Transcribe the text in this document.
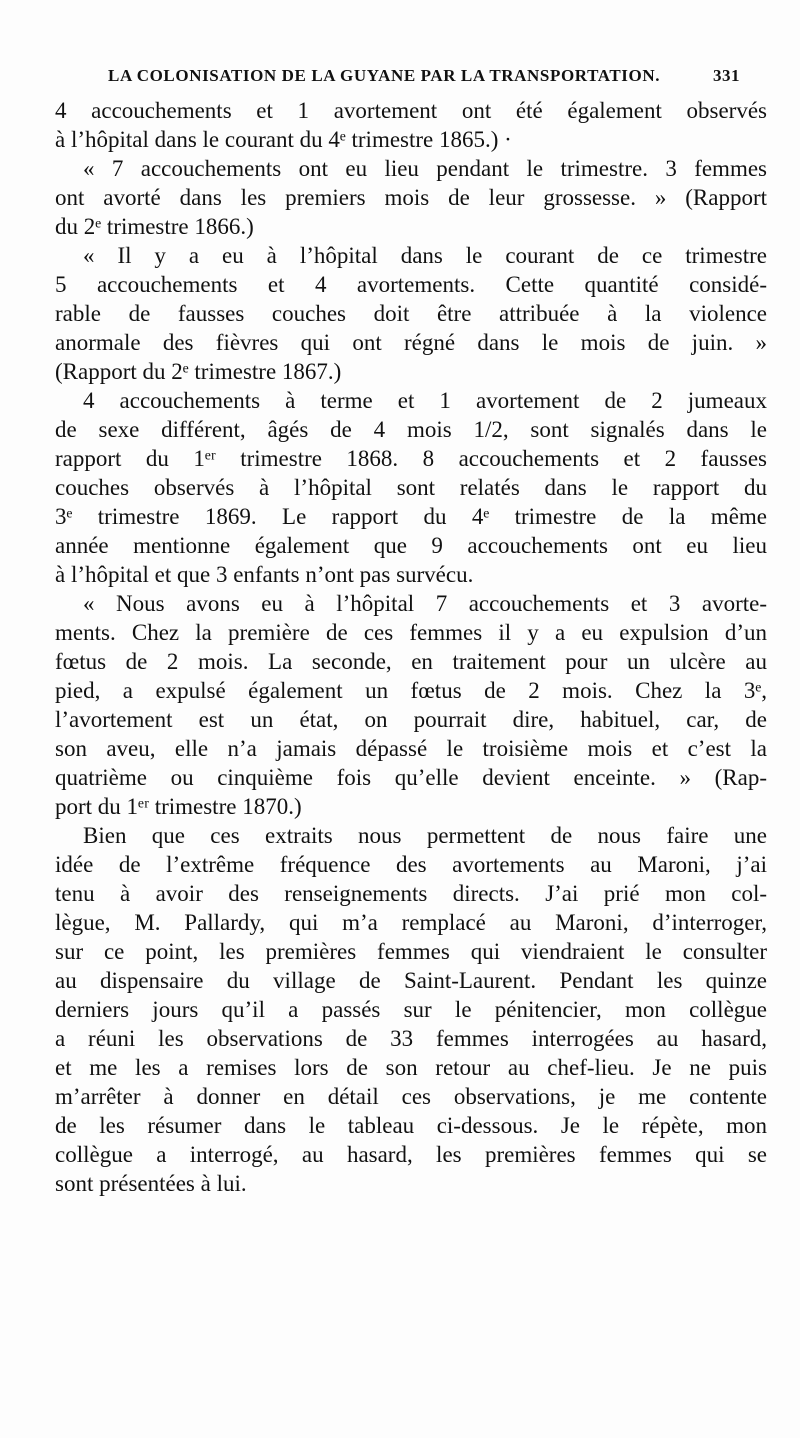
LA COLONISATION DE LA GUYANE PAR LA TRANSPORTATION.	331
4 accouchements et 1 avortement ont été également observés
à l’hôpital dans le courant du 4ᵉ trimestre 1865.) ·
« 7 accouchements ont eu lieu pendant le trimestre. 3 femmes
ont avorté dans les premiers mois de leur grossesse. » (Rapport
du 2ᵉ trimestre 1866.)
« Il y a eu à l’hôpital dans le courant de ce trimestre
5 accouchements et 4 avortements. Cette quantité considé-
rable de fausses couches doit être attribuée à la violence
anormale des fièvres qui ont régné dans le mois de juin. »
(Rapport du 2ᵉ trimestre 1867.)
4 accouchements à terme et 1 avortement de 2 jumeaux
de sexe différent, âgés de 4 mois 1/2, sont signalés dans le
rapport du 1ᵉʳ trimestre 1868. 8 accouchements et 2 fausses
couches observés à l’hôpital sont relatés dans le rapport du
3ᵉ trimestre 1869. Le rapport du 4ᵉ trimestre de la même
année mentionne également que 9 accouchements ont eu lieu
à l’hôpital et que 3 enfants n’ont pas survécu.
« Nous avons eu à l’hôpital 7 accouchements et 3 avorte-
ments. Chez la première de ces femmes il y a eu expulsion d’un
fœtus de 2 mois. La seconde, en traitement pour un ulcère au
pied, a expulsé également un fœtus de 2 mois. Chez la 3ᵉ,
l’avortement est un état, on pourrait dire, habituel, car, de
son aveu, elle n’a jamais dépassé le troisième mois et c’est la
quatrième ou cinquième fois qu’elle devient enceinte. » (Rap-
port du 1ᵉʳ trimestre 1870.)
Bien que ces extraits nous permettent de nous faire une
idée de l’extrême fréquence des avortements au Maroni, j’ai
tenu à avoir des renseignements directs. J’ai prié mon col-
lègue, M. Pallardy, qui m’a remplacé au Maroni, d’interroger,
sur ce point, les premières femmes qui viendraient le consulter
au dispensaire du village de Saint-Laurent. Pendant les quinze
derniers jours qu’il a passés sur le pénitencier, mon collègue
a réuni les observations de 33 femmes interrogées au hasard,
et me les a remises lors de son retour au chef-lieu. Je ne puis
m’arrêter à donner en détail ces observations, je me contente
de les résumer dans le tableau ci-dessous. Je le répète, mon
collègue a interrogé, au hasard, les premières femmes qui se
sont présentées à lui.
